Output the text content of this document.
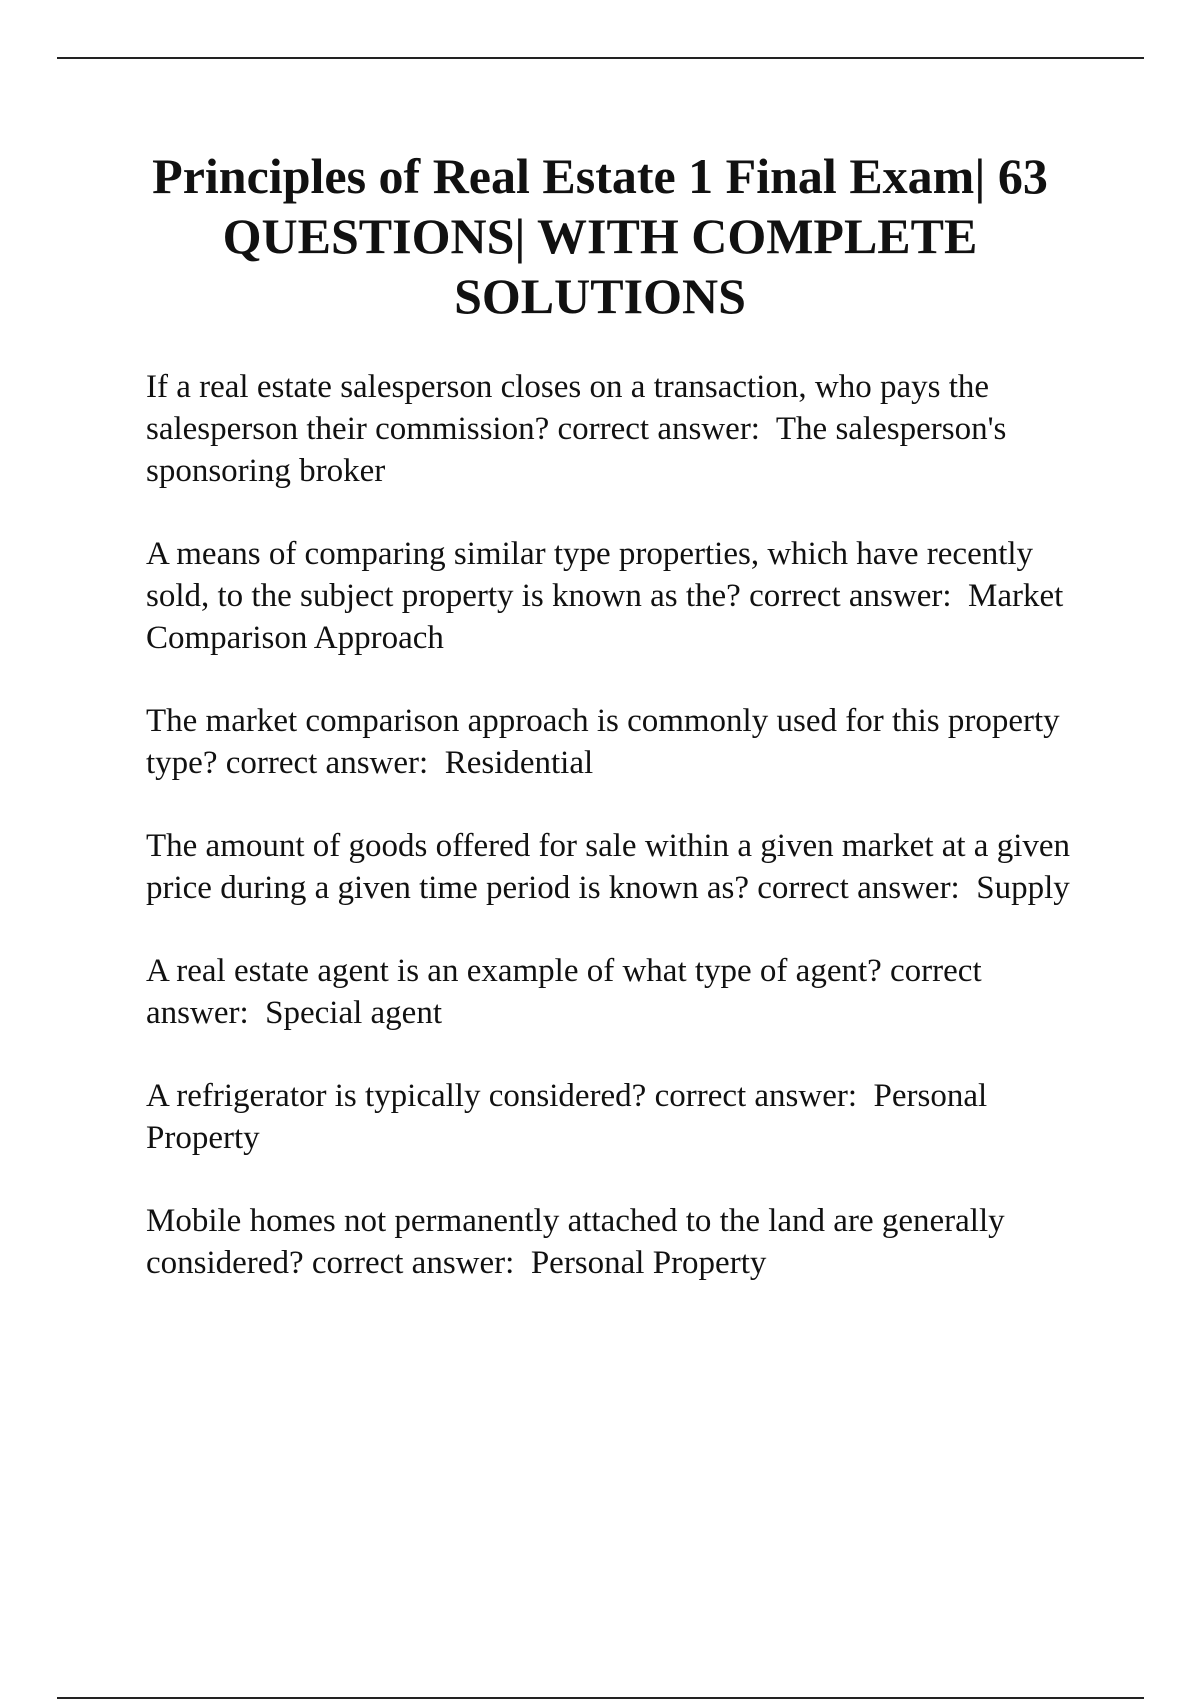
Principles of Real Estate 1 Final Exam| 63 QUESTIONS| WITH COMPLETE SOLUTIONS

If a real estate salesperson closes on a transaction, who pays the salesperson their commission? correct answer: The salesperson's sponsoring broker

A means of comparing similar type properties, which have recently sold, to the subject property is known as the? correct answer: Market Comparison Approach

The market comparison approach is commonly used for this property type? correct answer: Residential

The amount of goods offered for sale within a given market at a given price during a given time period is known as? correct answer: Supply

A real estate agent is an example of what type of agent? correct answer: Special agent

A refrigerator is typically considered? correct answer: Personal Property

Mobile homes not permanently attached to the land are generally considered? correct answer: Personal Property
